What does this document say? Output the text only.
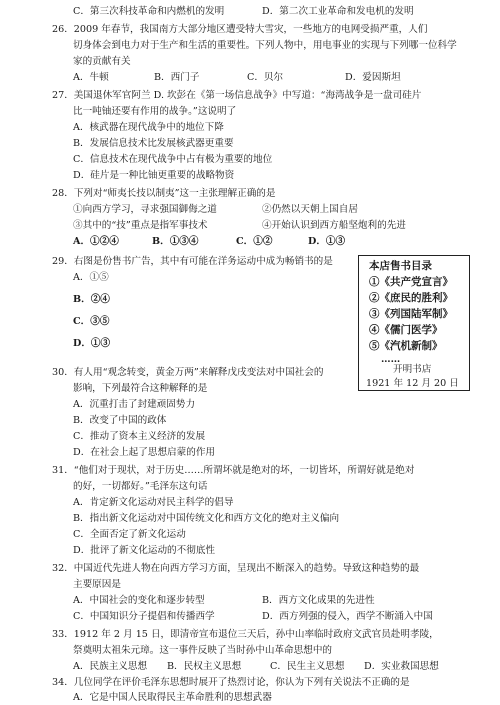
C．第三次科技革命和内燃机的发明	D．第二次工业革命和发电机的发明
26．2009 年春节，我国南方大部分地区遭受特大雪灾，一些地方的电网受损严重，人们
切身体会到电力对于生产和生活的重要性。下列人物中，用电事业的实现与下列哪一位科学
家的贡献有关
A．牛顿	B．西门子	C．贝尔	D．爱因斯坦
27．美国退休军官阿兰 D. 坎彭在《第一场信息战争》中写道：“海湾战争是一盘司硅片
比一吨铀还要有作用的战争。”这说明了
A．核武器在现代战争中的地位下降
B．发展信息技术比发展核武器更重要
C．信息技术在现代战争中占有极为重要的地位
D．硅片是一种比铀更重要的战略物资
28．下列对“师夷长技以制夷”这一主张理解正确的是
①向西方学习，寻求强国御侮之道	②仍然以天朝上国自居
③其中的“技”重点是指军事技术	④开始认识到西方船坚炮利的先进
A．①②④	B．①③④	C．①②	D．①③
29．右图是份售书广告，其中有可能在洋务运动中成为畅销书的是
A．①⑤
B．②④
C．③⑤
D．①③
本店售书目录
①《共产党宣言》
②《庶民的胜利》
③《列国陆军制》
④《儒门医学》
⑤《汽机新制》
……
开明书店
1921 年 12 月 20 日
30．有人用“观念转变，黄金万两”来解释戊戌变法对中国社会的
影响，下列最符合这种解释的是
A．沉重打击了封建顽固势力
B．改变了中国的政体
C．推动了资本主义经济的发展
D．在社会上起了思想启蒙的作用
31．“他们对于现状，对于历史……所谓坏就是绝对的坏，一切皆坏，所谓好就是绝对
的好，一切都好。”毛泽东这句话
A．肯定新文化运动对民主科学的倡导
B．指出新文化运动对中国传统文化和西方文化的绝对主义偏向
C．全面否定了新文化运动
D．批评了新文化运动的不彻底性
32．中国近代先进人物在向西方学习方面，呈现出不断深入的趋势。导致这种趋势的最
主要原因是
A．中国社会的变化和逐步转型	B．西方文化成果的先进性
C．中国知识分子提倡和传播西学	D．西方列强的侵入，西学不断涌入中国
33．1912 年 2 月 15 日，即清帝宣布退位三天后，孙中山率临时政府文武官员赴明孝陵，
祭奠明太祖朱元璋。这一事件反映了当时孙中山革命思想中的
A．民族主义思想 B．民权主义思想	C．民生主义思想 D．实业救国思想
34．几位同学在评价毛泽东思想时展开了热烈讨论，你认为下列有关说法不正确的是
A．它是中国人民取得民主革命胜利的思想武器
